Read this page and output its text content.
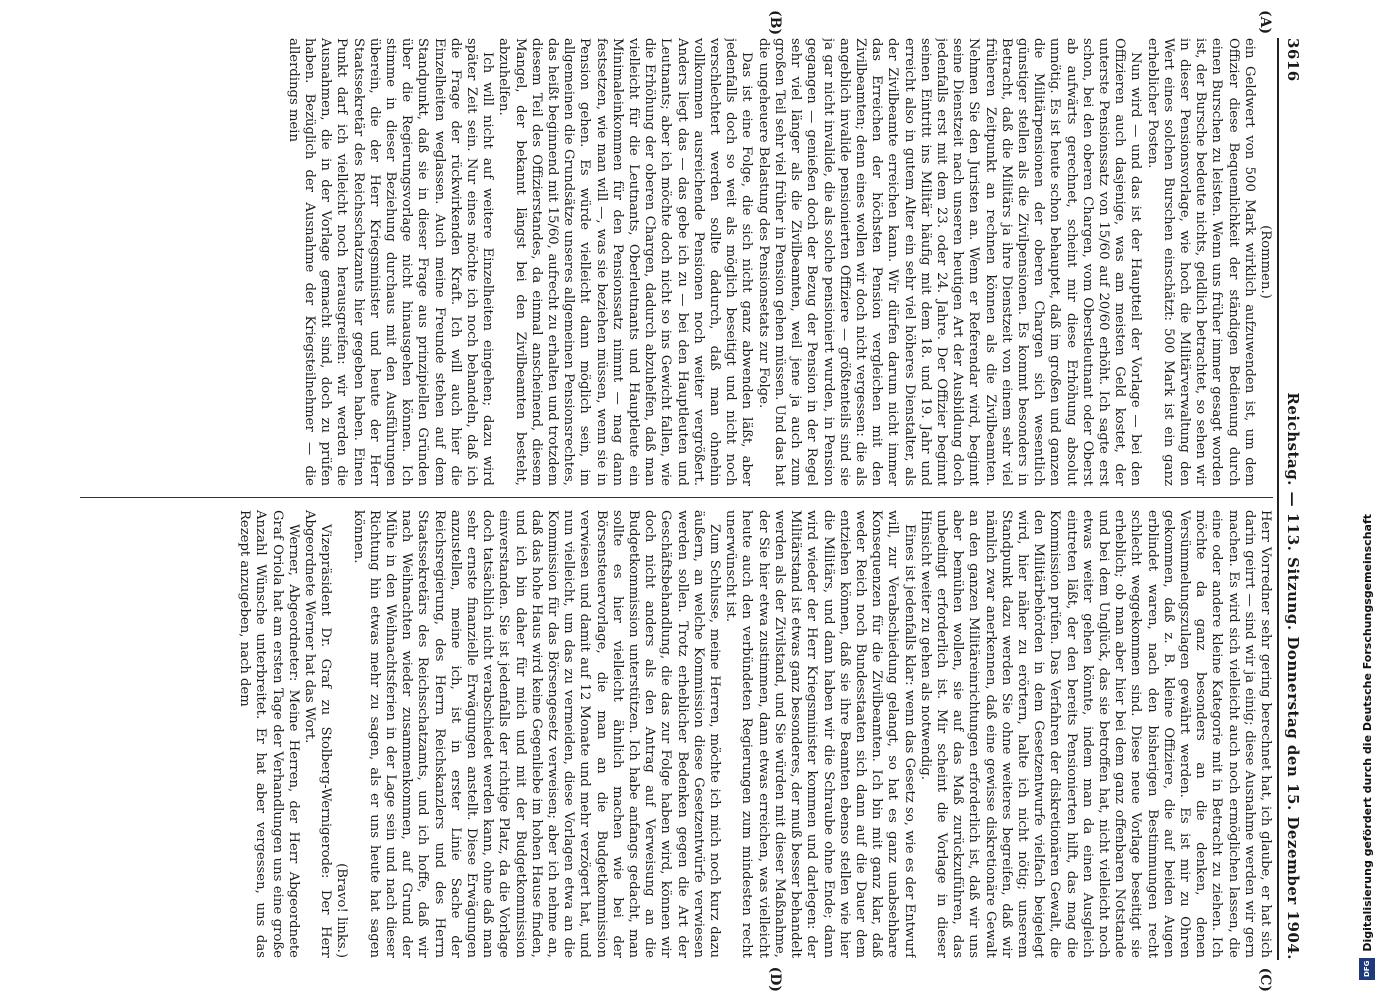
3616
Reichstag. — 113. Sitzung. Donnerstag den 15. Dezember 1904.
(A)
(B)
(C)
(D)

(Rommen.)

ein Geldwert von 500 Mark wirklich aufzuwenden ist, um dem Offizier diese Bequemlichkeit der ständigen Bedienung durch einen Burschen zu leisten. Wenn uns früher immer gesagt worden ist, der Bursche bedeute nichts, geldlich betrachtet, so sehen wir in dieser Pensionsvorlage, wie hoch die Militärverwaltung den Wert eines solchen Burschen einschätzt: 500 Mark ist ein ganz erheblicher Posten.

Nun wird — und das ist der Hauptteil der Vorlage — bei den Offizieren auch dasjenige, was am meisten Geld kostet, der unterste Pensionssatz von 15/60 auf 20/60 erhöht. Ich sagte erst schon, bei den oberen Chargen, vom Oberstleutnant oder Oberst ab aufwärts gerechnet, scheint mir diese Erhöhung absolut unnötig. Es ist heute schon behauptet, daß im großen und ganzen die Militärpensionen der oberen Chargen sich wesentlich günstiger stellen als die Zivilpensionen. Es kommt besonders in Betracht, daß die Militärs ja ihre Dienstzeit von einem sehr viel früheren Zeitpunkt an rechnen können als die Zivilbeamten. Nehmen Sie den Juristen an. Wenn er Referendar wird, beginnt seine Dienstzeit nach unseren heutigen Art der Ausbildung doch jedenfalls erst mit dem 23. oder 24. Jahre. Der Offizier beginnt seinen Eintritt ins Militär häufig mit dem 18. und 19. Jahr und erreicht also in gutem Alter ein sehr viel höheres Dienstalter, als der Zivilbeamte erreichen kann. Wir dürfen darum nicht immer das Erreichen der höchsten Pension vergleichen mit den Zivilbeamten; denn eines wollen wir doch nicht vergessen: die als angeblich invalide pensionierten Offiziere — größtenteils sind sie ja gar nicht invalide, die als solche pensioniert wurden, in Pension gegangen — genießen doch der Bezug der Pension in der Regel sehr viel länger als die Zivilbeamten, weil jene ja auch zum großen Teil sehr viel früher in Pension gehen müssen. Und das hat die ungeheuere Belastung des Pensionsetats zur Folge.

Das ist eine Folge, die sich nicht ganz abwenden läßt, aber jedenfalls doch so weit als möglich beseitigt und nicht noch verschlechtert werden sollte dadurch, daß man ohnehin vollkommen ausreichende Pensionen noch weiter vergrößert. Anders liegt das — das gebe ich zu — bei den Hauptleuten und Leutnants; aber ich möchte doch nicht so ins Gewicht fallen, wie die Erhöhung der oberen Chargen, dadurch abzuhelfen, daß man vielleicht für die Leutnants, Oberleutnants und Hauptleute ein Minimaleinkommen für den Pensionssatz nimmt — mag dann festsetzen, wie man will —, was sie beziehen müssen, wenn sie in Pension gehen. Es würde vielleicht dann möglich sein, im allgemeinen die Grundsätze unseres allgemeinen Pensionsrechtes, das heißt beginnend mit 15/60, aufrecht zu erhalten und trotzdem diesem Teil des Offizierstandes, da einmal anscheinend, diesem Mangel, der bekannt längst bei den Zivilbeamten besteht, abzuhelfen.

Ich will nicht auf weitere Einzelheiten eingehen; dazu wird später Zeit sein. Nur eines möchte ich noch behandeln, daß ich die Frage der rückwirkenden Kraft. Ich will auch hier die Einzelheiten weglassen. Auch meine Freunde stehen auf dem Standpunkt, daß sie in dieser Frage aus prinzipiellen Gründen über die Regierungsvorlage nicht hinausgehen können. Ich stimme in dieser Beziehung durchaus mit den Ausführungen überein, die der Herr Kriegsminister und heute der Herr Staatssekretär des Reichsschatzamts hier gegeben haben. Einen Punkt darf ich vielleicht noch herausgreifen: wir werden die Ausnahmen, die in der Vorlage gemacht sind, doch zu prüfen haben. Bezüglich der Ausnahme der Kriegsteilnehmer — die allerdings mein

Herr Vorredner sehr gering berechnet hat, ich glaube, er hat sich darin geirrt — sind wir ja einig; diese Ausnahme werden wir gern machen. Es wird sich vielleicht auch noch ermöglichen lassen, die eine oder andere kleine Kategorie mit in Betracht zu ziehen. Ich möchte da ganz besonders an die denken, denen Versümmelungszulagen gewährt werden. Es ist mir zu Ohren gekommen, daß z. B. kleine Offiziere, die auf beiden Augen erblindet waren, nach den bisherigen Bestimmungen recht schlecht weggekommen sind. Diese neue Vorlage beseitigt sie erheblich; ob man aber hier bei dem ganz offenbaren Notstande und bei dem Unglück, das sie betroffen hat, nicht vielleicht noch etwas weiter gehen könnte, indem man da einen Ausgleich eintreten läßt, der den bereits Pensionierten hilft, das mag die Kommission prüfen. Das Verfahren der diskretionären Gewalt, die den Militärbehörden in dem Gesetzentwurfe vielfach beigelegt wird, hier näher zu erörtern, halte ich nicht nötig; unserem Standpunkt dazu werden Sie ohne weiteres begreifen, daß wir nämlich zwar anerkennen, daß eine gewisse diskretionäre Gewalt an den ganzen Militäreinrichtungen erforderlich ist, daß wir uns aber bemühen wollen, sie auf das Maß zurückzuführen, das unbedingt erforderlich ist. Mir scheint die Vorlage in dieser Hinsicht weiter zu gehen als notwendig.

Eines ist jedenfalls klar: wenn das Gesetz so, wie es der Entwurf will, zur Verabschiedung gelangt, so hat es ganz unabsehbare Konsequenzen für die Zivilbeamten. Ich bin mit ganz klar, daß weder Reich noch Bundesstaaten sich dann auf die Dauer dem entziehen können, daß sie ihre Beamten ebenso stellen wie hier die Militärs, und dann haben wir die Schraube ohne Ende; dann wird wieder der Herr Kriegsminister kommen und darlegen: der Militärstand ist etwas ganz besonderes, der muß besser behandelt werden als der Zivilstand, und Sie würden mit dieser Maßnahme, der Sie hier etwa zustimmen, dann etwas erreichen, was vielleicht heute auch den verbündeten Regierungen zum mindesten recht unerwünscht ist.

Zum Schlusse, meine Herren, möchte ich mich noch kurz dazu äußern, an welche Kommission diese Gesetzentwürfe verwiesen werden sollen. Trotz erheblicher Bedenken gegen die Art der Geschäftsbehandlung, die das zur Folge haben wird, können wir doch nicht anders als den Antrag auf Verweisung an die Budgetkommission unterstützen. Ich habe anfangs gedacht, man sollte es hier vielleicht ähnlich machen wie bei der Börsensteuervorlage, die man an die Budgetkommission verwiesen und damit auf 12 Monate und mehr verzögert hat, und nun vielleicht, um das zu vermeiden, diese Vorlagen etwa an die Kommission für das Börsengesetz verweisen; aber ich nehme an, daß das hohe Haus wird keine Gegenliebe im hohen Hause finden, und ich bin daher für mich und mit der Budgetkommission einverstanden. Sie ist jedenfalls der richtige Platz, da die Vorlage doch tatsächlich nicht verabschiedet werden kann, ohne daß man sehr ernste finanzielle Erwägungen anstellt. Diese Erwägungen anzustellen, meine ich, ist in erster Linie Sache der Reichsregierung, des Herrn Reichskanzlers und des Herrn Staatssekretärs des Reichsschatzamts, und ich hoffe, daß wir nach Weihnachten wieder zusammenkommen, auf Grund der Mühe in den Weihnachtsferien in der Lage sein und nach dieser Richtung hin etwas mehr zu sagen, als er uns heute hat sagen können.

(Bravo! links.)

Vizepräsident Dr. Graf zu Stolberg-Wernigerode: Der Herr Abgeordnete Werner hat das Wort.

Werner, Abgeordneter: Meine Herren, der Herr Abgeordnete Graf Oriola hat am ersten Tage der Verhandlungen uns eine große Anzahl Wünsche unterbreitet. Er hat aber vergessen, uns das Rezept anzugeben, nach dem	Digitalisierung gefördert durch die Deutsche Forschungsgemeinschaft
DFG
